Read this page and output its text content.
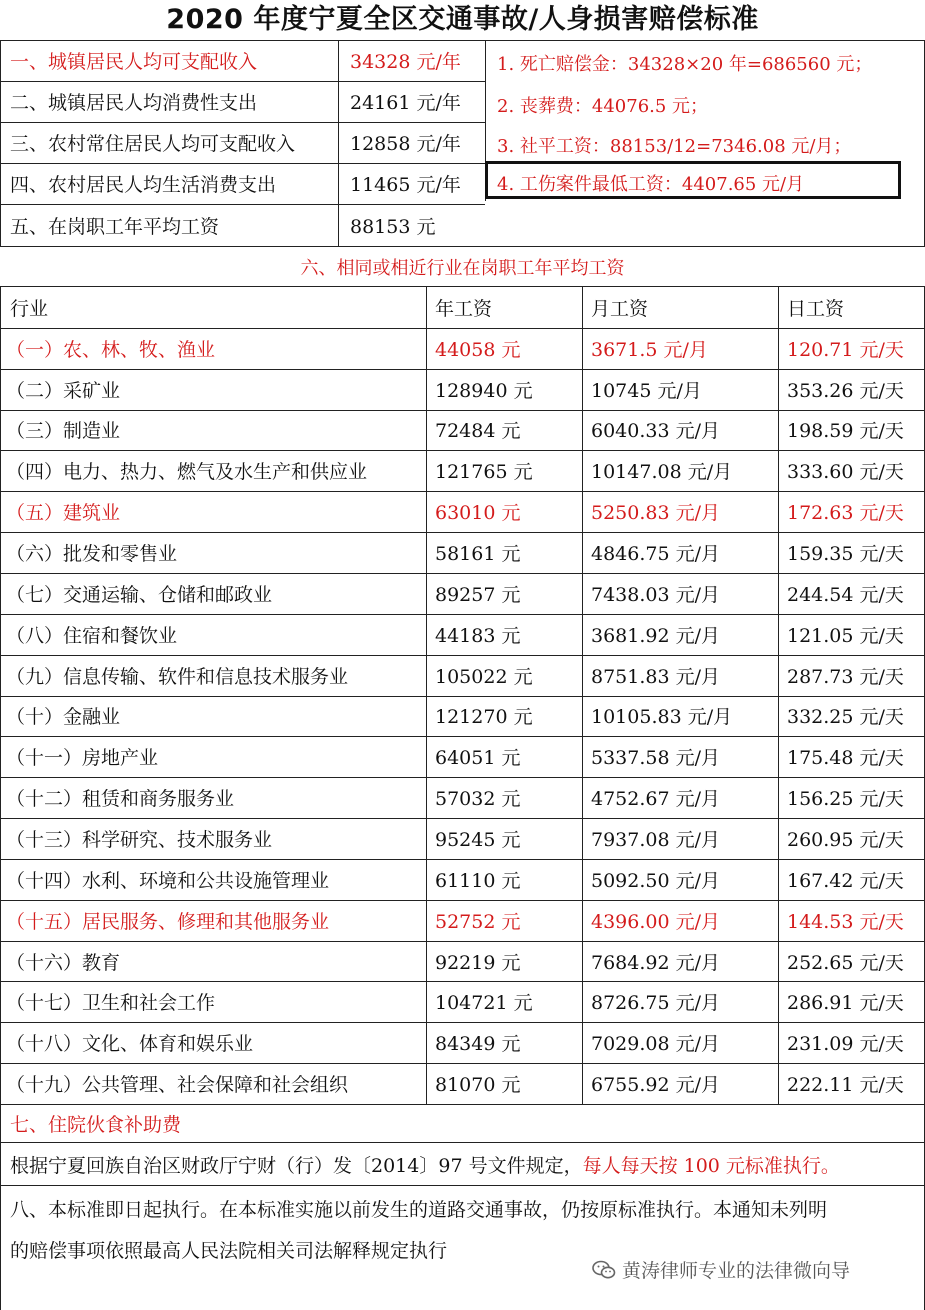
2020 年度宁夏全区交通事故/人身损害赔偿标准
一、城镇居民人均可支配收入	34328 元/年
二、城镇居民人均消费性支出	24161 元/年
三、农村常住居民人均可支配收入	12858 元/年
四、农村居民人均生活消费支出	11465 元/年
五、在岗职工年平均工资	88153 元
1. 死亡赔偿金：34328×20 年=686560 元；
2. 丧葬费：44076.5 元；
3. 社平工资：88153/12=7346.08 元/月；
4. 工伤案件最低工资：4407.65 元/月
六、相同或相近行业在岗职工年平均工资
行业	年工资	月工资	日工资
（一）农、林、牧、渔业	44058 元	3671.5 元/月	120.71 元/天
（二）采矿业	128940 元	10745 元/月	353.26 元/天
（三）制造业	72484 元	6040.33 元/月	198.59 元/天
（四）电力、热力、燃气及水生产和供应业	121765 元	10147.08 元/月	333.60 元/天
（五）建筑业	63010 元	5250.83 元/月	172.63 元/天
（六）批发和零售业	58161 元	4846.75 元/月	159.35 元/天
（七）交通运输、仓储和邮政业	89257 元	7438.03 元/月	244.54 元/天
（八）住宿和餐饮业	44183 元	3681.92 元/月	121.05 元/天
（九）信息传输、软件和信息技术服务业	105022 元	8751.83 元/月	287.73 元/天
（十）金融业	121270 元	10105.83 元/月	332.25 元/天
（十一）房地产业	64051 元	5337.58 元/月	175.48 元/天
（十二）租赁和商务服务业	57032 元	4752.67 元/月	156.25 元/天
（十三）科学研究、技术服务业	95245 元	7937.08 元/月	260.95 元/天
（十四）水利、环境和公共设施管理业	61110 元	5092.50 元/月	167.42 元/天
（十五）居民服务、修理和其他服务业	52752 元	4396.00 元/月	144.53 元/天
（十六）教育	92219 元	7684.92 元/月	252.65 元/天
（十七）卫生和社会工作	104721 元	8726.75 元/月	286.91 元/天
（十八）文化、体育和娱乐业	84349 元	7029.08 元/月	231.09 元/天
（十九）公共管理、社会保障和社会组织	81070 元	6755.92 元/月	222.11 元/天
七、住院伙食补助费
根据宁夏回族自治区财政厅宁财（行）发〔2014〕97 号文件规定， 每人每天按 100 元标准执行。
八、本标准即日起执行。在本标准实施以前发生的道路交通事故，仍按原标准执行。本通知未列明
的赔偿事项依照最高人民法院相关司法解释规定执行
黄涛律师专业的法律微向导
